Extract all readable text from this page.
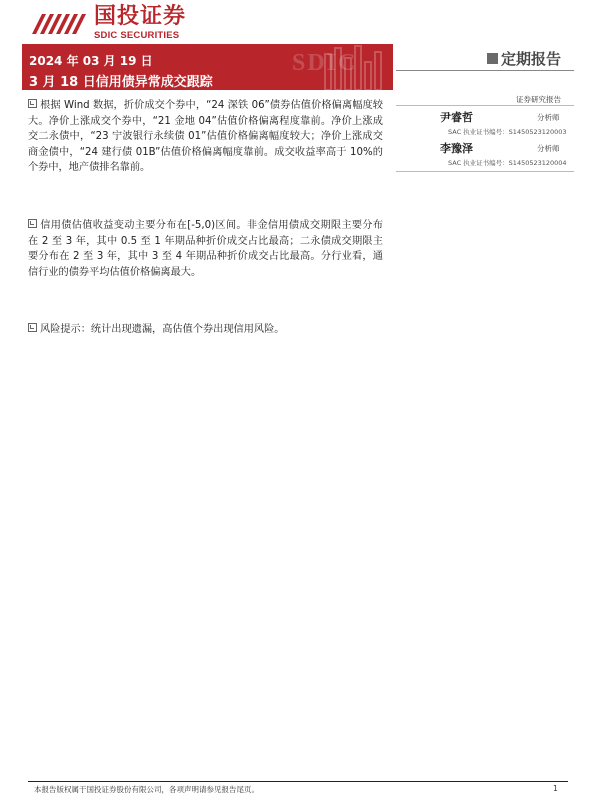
国投证券
SDIC SECURITIES
2024 年 03 月 19 日
3 月 18 日信用债异常成交跟踪
SDIC	定期报告
证券研究报告
尹睿哲	分析师
SAC 执业证书编号：S1450523120003
李豫泽	分析师
SAC 执业证书编号：S1450523120004

根据 Wind 数据，折价成交个券中，“24 深铁 06”债券估值价格偏离幅度较大。净价上涨成交个券中，“21 金地 04”估值价格偏离程度靠前。净价上涨成交二永债中，“23 宁波银行永续债 01”估值价格偏离幅度较大；净价上涨成交商金债中，“24 建行债 01B”估值价格偏离幅度靠前。成交收益率高于 10%的个券中，地产债排名靠前。

信用债估值收益变动主要分布在[-5,0)区间。非金信用债成交期限主要分布在 2 至 3 年，其中 0.5 至 1 年期品种折价成交占比最高；二永债成交期限主要分布在 2 至 3 年，其中 3 至 4 年期品种折价成交占比最高。分行业看，通信行业的债券平均估值价格偏离最大。

风险提示：统计出现遗漏，高估值个券出现信用风险。

本报告版权属于国投证券股份有限公司，各项声明请参见报告尾页。	1
